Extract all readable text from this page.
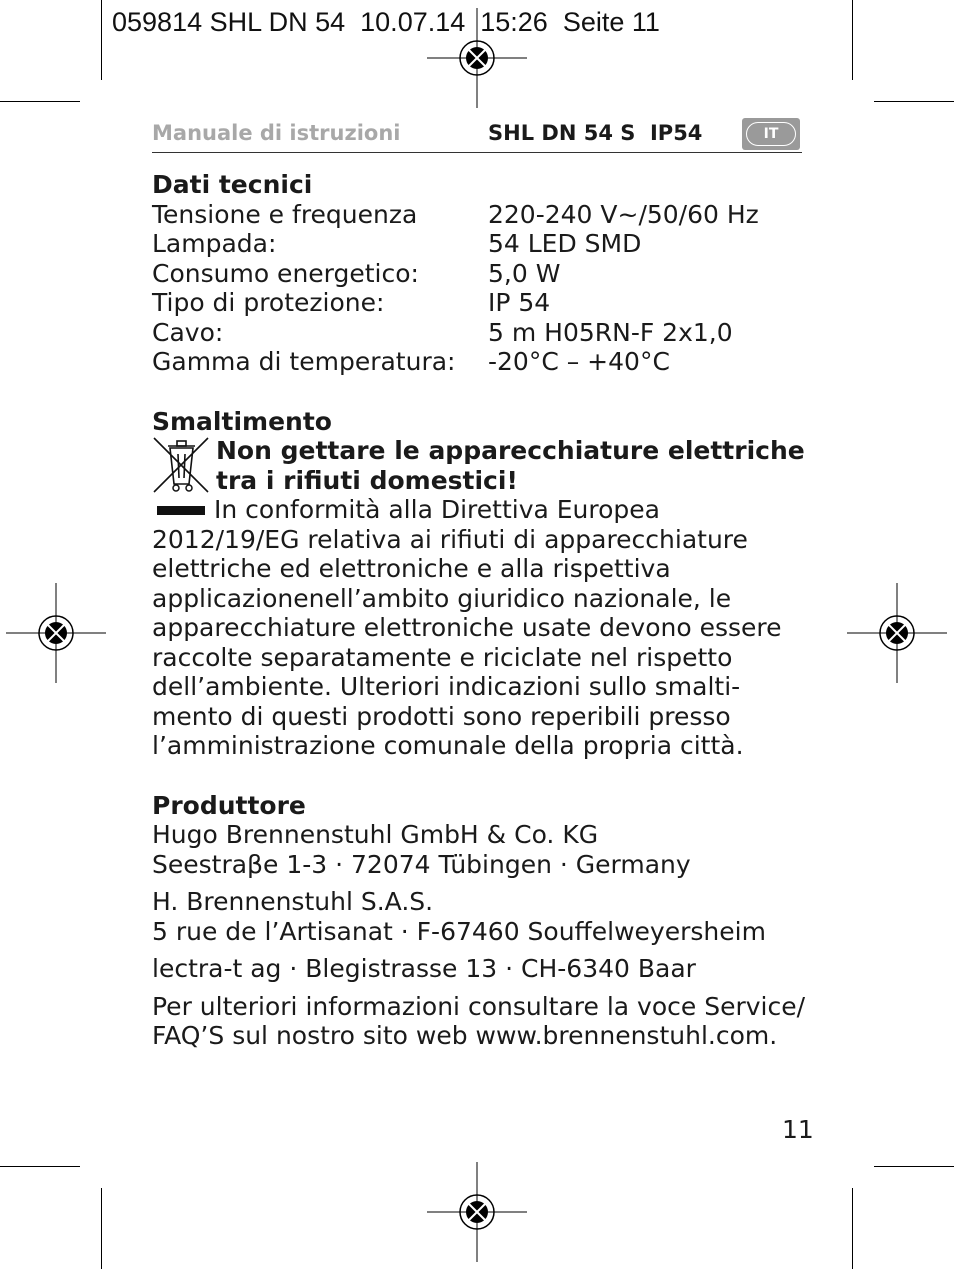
059814 SHL DN 54  10.07.14  15:26  Seite 11
Manuale di istruzioni	SHL DN 54 S  IP54	IT
Dati tecnici
Tensione e frequenza	220-240 V~/50/60 Hz
Lampada:	54 LED SMD
Consumo energetico:	5,0 W
Tipo di protezione:	IP 54
Cavo:	5 m H05RN-F 2x1,0
Gamma di temperatura:	-20°C – +40°C
Smaltimento
Non gettare le apparecchiature elettriche
tra i rifiuti domestici!
In conformità alla Direttiva Europea
2012/19/EG relativa ai rifiuti di apparecchiature
elettriche ed elettroniche e alla rispettiva
applicazionenell’ambito giuridico nazionale, le
apparecchiature elettroniche usate devono essere
raccolte separatamente e riciclate nel rispetto
dell’ambiente. Ulteriori indicazioni sullo smalti-
mento di questi prodotti sono reperibili presso
l’amministrazione comunale della propria città.
Produttore
Hugo Brennenstuhl GmbH & Co. KG
Seestraβe 1-3 · 72074 Tübingen · Germany
H. Brennenstuhl S.A.S.
5 rue de l’Artisanat · F-67460 Souffelweyersheim
lectra-t ag · Blegistrasse 13 · CH-6340 Baar
Per ulteriori informazioni consultare la voce Service/
FAQ’S sul nostro sito web www.brennenstuhl.com.
11
